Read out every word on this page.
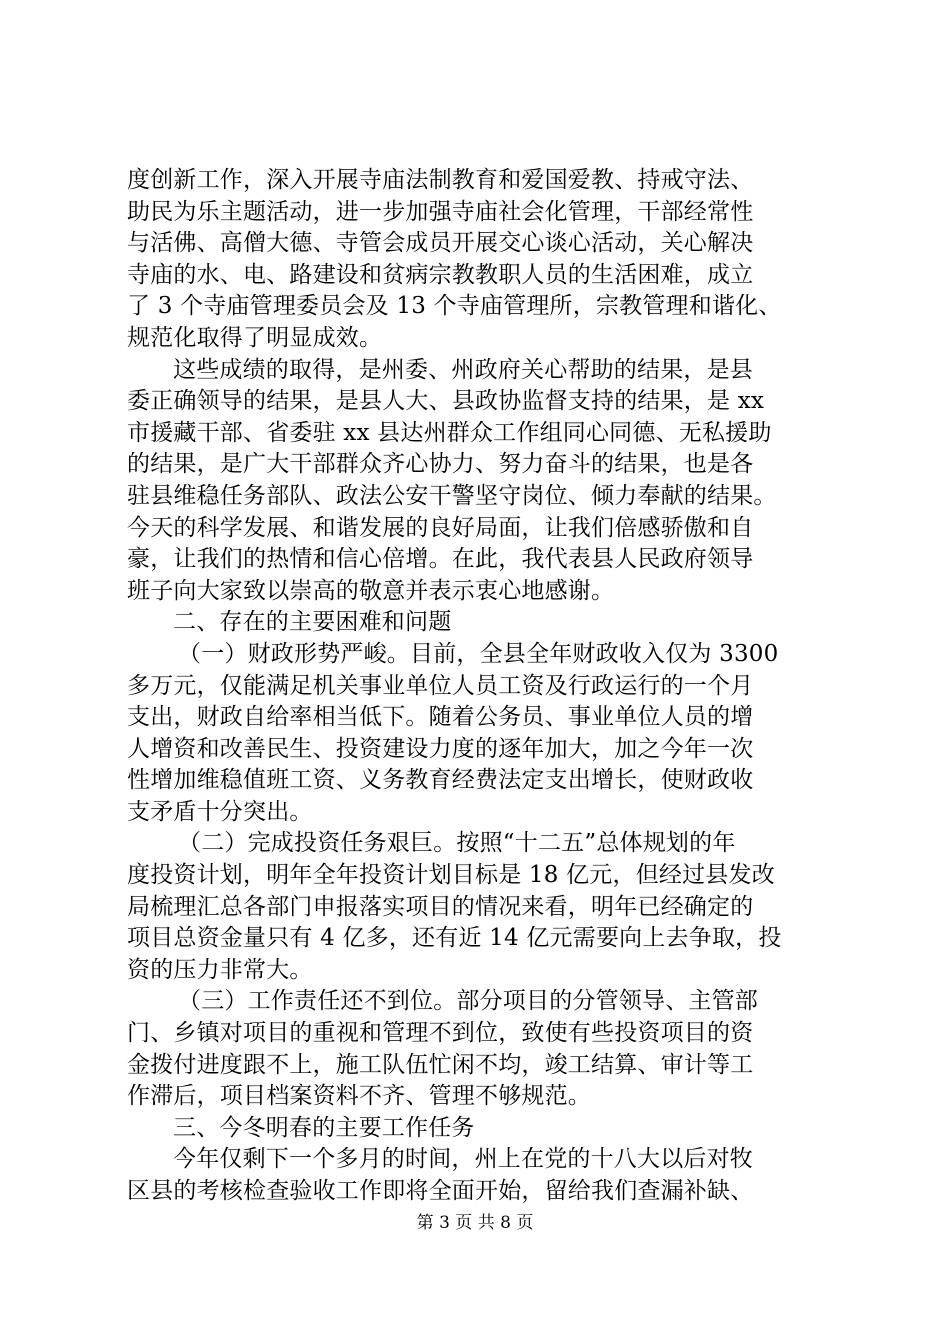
度创新工作，深入开展寺庙法制教育和爱国爱教、持戒守法、
助民为乐主题活动，进一步加强寺庙社会化管理，干部经常性
与活佛、高僧大德、寺管会成员开展交心谈心活动，关心解决
寺庙的水、电、路建设和贫病宗教教职人员的生活困难，成立
了 3 个寺庙管理委员会及 13 个寺庙管理所，宗教管理和谐化、
规范化取得了明显成效。
这些成绩的取得，是州委、州政府关心帮助的结果，是县
委正确领导的结果，是县人大、县政协监督支持的结果，是 xx
市援藏干部、省委驻 xx 县达州群众工作组同心同德、无私援助
的结果，是广大干部群众齐心协力、努力奋斗的结果，也是各
驻县维稳任务部队、政法公安干警坚守岗位、倾力奉献的结果。
今天的科学发展、和谐发展的良好局面，让我们倍感骄傲和自
豪，让我们的热情和信心倍增。在此，我代表县人民政府领导
班子向大家致以崇高的敬意并表示衷心地感谢。
二、存在的主要困难和问题
（一）财政形势严峻。目前，全县全年财政收入仅为 3300
多万元，仅能满足机关事业单位人员工资及行政运行的一个月
支出，财政自给率相当低下。随着公务员、事业单位人员的增
人增资和改善民生、投资建设力度的逐年加大，加之今年一次
性增加维稳值班工资、义务教育经费法定支出增长，使财政收
支矛盾十分突出。
（二）完成投资任务艰巨。按照“十二五”总体规划的年
度投资计划，明年全年投资计划目标是 18 亿元，但经过县发改
局梳理汇总各部门申报落实项目的情况来看，明年已经确定的
项目总资金量只有 4 亿多，还有近 14 亿元需要向上去争取，投
资的压力非常大。
（三）工作责任还不到位。部分项目的分管领导、主管部
门、乡镇对项目的重视和管理不到位，致使有些投资项目的资
金拨付进度跟不上，施工队伍忙闲不均，竣工结算、审计等工
作滞后，项目档案资料不齐、管理不够规范。
三、今冬明春的主要工作任务
今年仅剩下一个多月的时间，州上在党的十八大以后对牧
区县的考核检查验收工作即将全面开始，留给我们查漏补缺、
第 3 页 共 8 页
